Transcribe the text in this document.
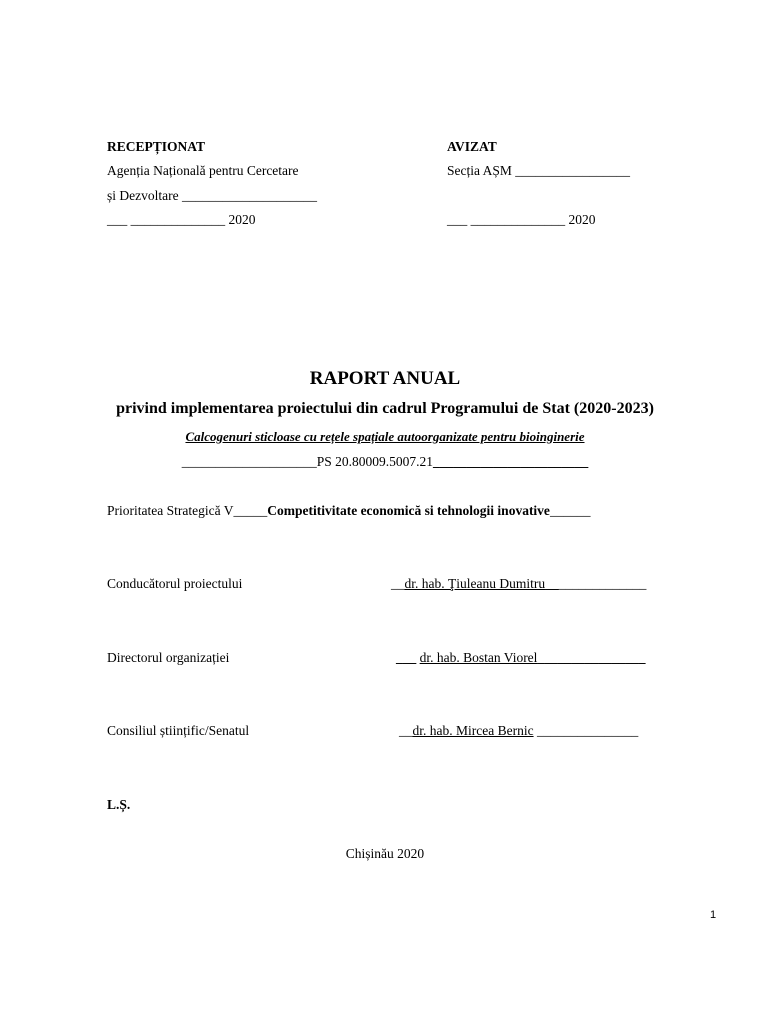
RECEPȚIONAT
Agenția Națională pentru Cercetare
și Dezvoltare ____________________
___ ______________ 2020
AVIZAT
Secția AȘM _________________
___ ______________ 2020
RAPORT ANUAL
privind implementarea proiectului din cadrul Programului de Stat (2020-2023)
Calcogenuri sticloase cu rețele spațiale autoorganizate pentru bioinginerie
____________________PS 20.80009.5007.21_______________________
Prioritatea Strategică V_____Competitivitate economică si tehnologii inovative______
Conducătorul proiectului	__dr. hab. Ţiuleanu Dumitru_______________
Directorul organizației	___ dr. hab. Bostan Viorel________________
Consiliul științific/Senatul	__dr. hab. Mircea Bernic _______________
L.Ș.
Chișinău 2020
1
